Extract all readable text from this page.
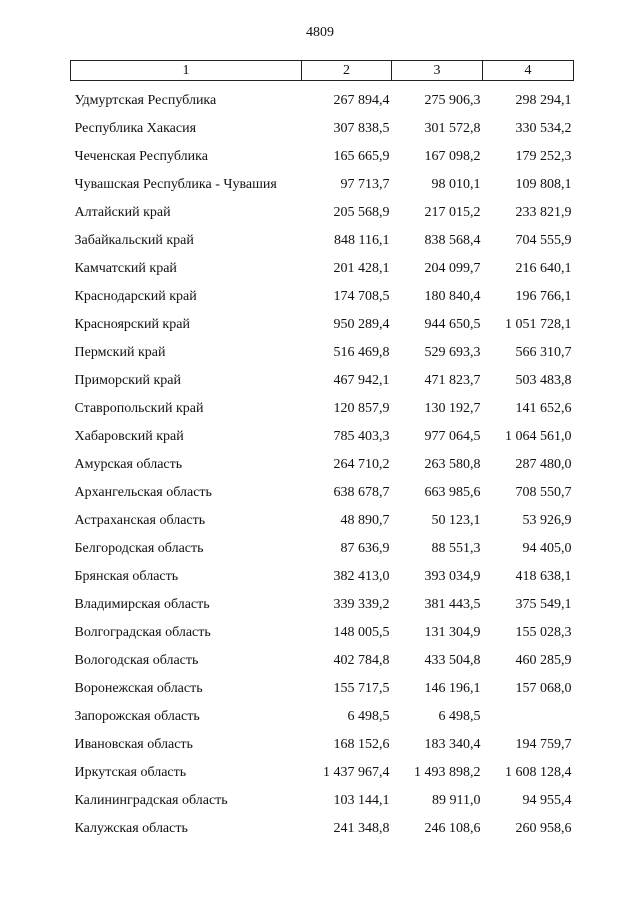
4809
1	2	3	4
Удмуртская Республика	267 894,4	275 906,3	298 294,1
Республика Хакасия	307 838,5	301 572,8	330 534,2
Чеченская Республика	165 665,9	167 098,2	179 252,3
Чувашская Республика - Чувашия	97 713,7	98 010,1	109 808,1
Алтайский край	205 568,9	217 015,2	233 821,9
Забайкальский край	848 116,1	838 568,4	704 555,9
Камчатский край	201 428,1	204 099,7	216 640,1
Краснодарский край	174 708,5	180 840,4	196 766,1
Красноярский край	950 289,4	944 650,5	1 051 728,1
Пермский край	516 469,8	529 693,3	566 310,7
Приморский край	467 942,1	471 823,7	503 483,8
Ставропольский край	120 857,9	130 192,7	141 652,6
Хабаровский край	785 403,3	977 064,5	1 064 561,0
Амурская область	264 710,2	263 580,8	287 480,0
Архангельская область	638 678,7	663 985,6	708 550,7
Астраханская область	48 890,7	50 123,1	53 926,9
Белгородская область	87 636,9	88 551,3	94 405,0
Брянская область	382 413,0	393 034,9	418 638,1
Владимирская область	339 339,2	381 443,5	375 549,1
Волгоградская область	148 005,5	131 304,9	155 028,3
Вологодская область	402 784,8	433 504,8	460 285,9
Воронежская область	155 717,5	146 196,1	157 068,0
Запорожская область	6 498,5	6 498,5	
Ивановская область	168 152,6	183 340,4	194 759,7
Иркутская область	1 437 967,4	1 493 898,2	1 608 128,4
Калининградская область	103 144,1	89 911,0	94 955,4
Калужская область	241 348,8	246 108,6	260 958,6
